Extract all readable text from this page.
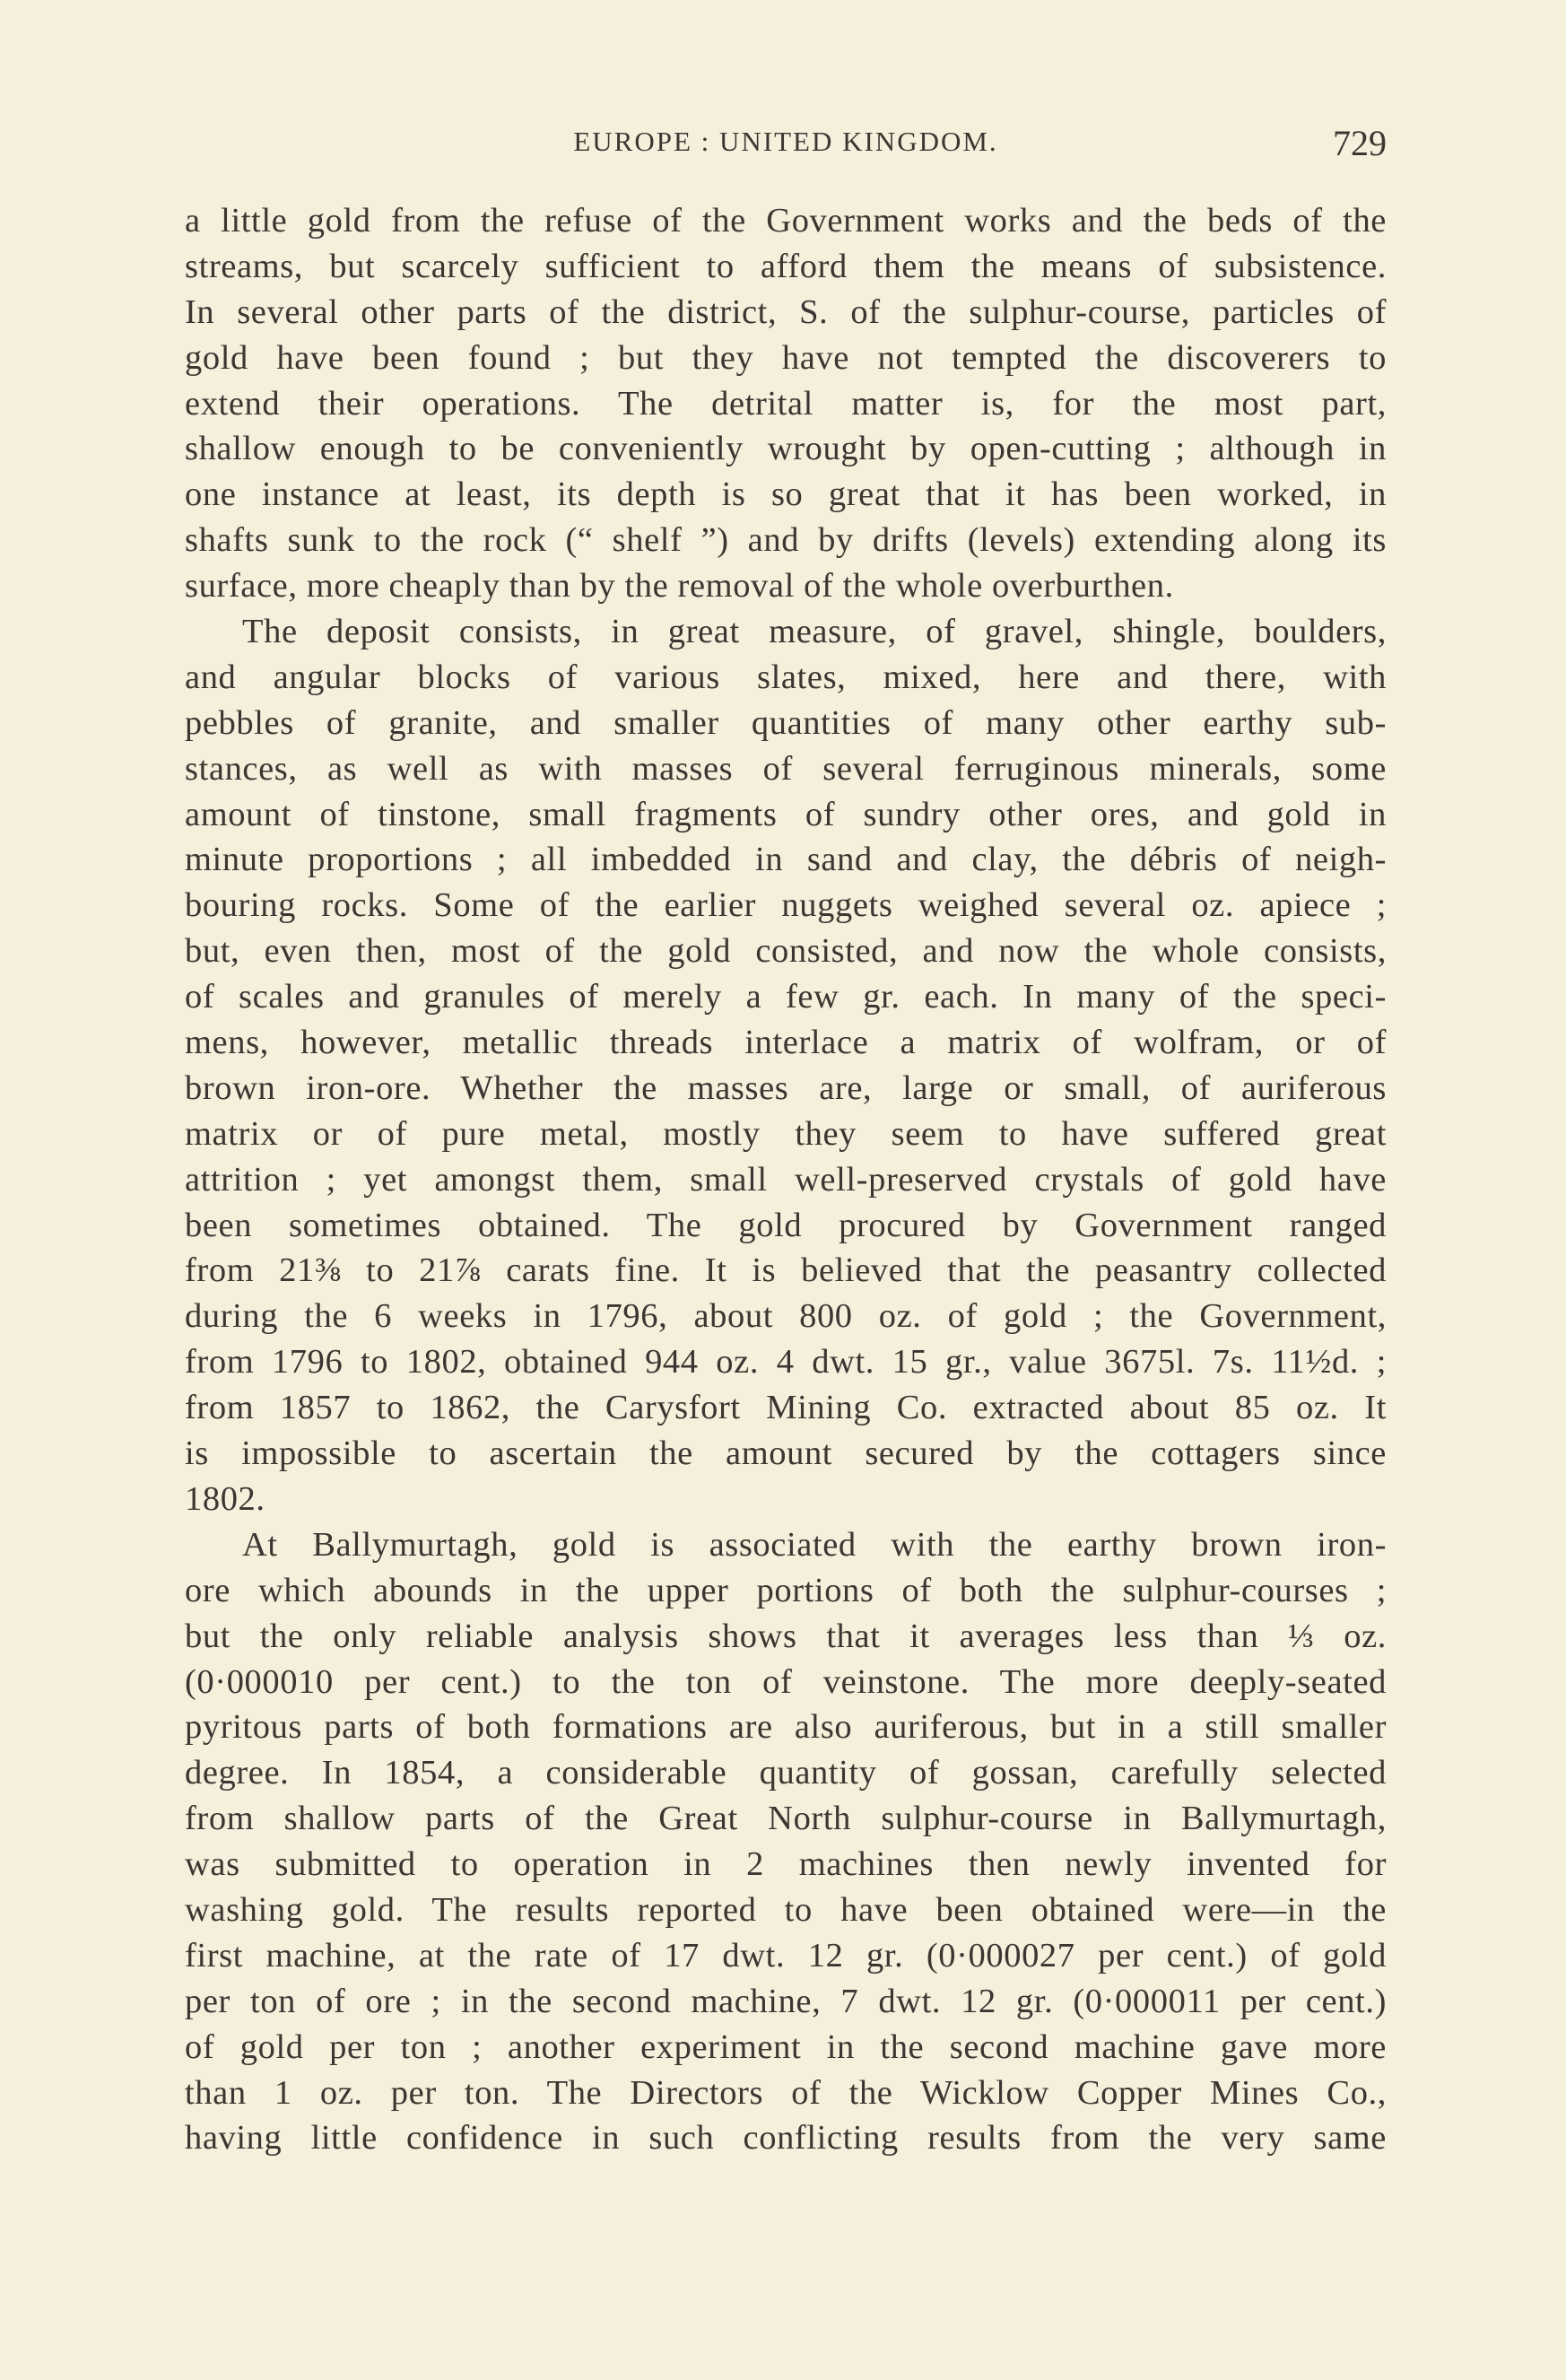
EUROPE : UNITED KINGDOM.	729
a little gold from the refuse of the Government works and the beds of the
streams, but scarcely sufficient to afford them the means of subsistence.
In several other parts of the district, S. of the sulphur-course, particles of
gold have been found ; but they have not tempted the discoverers to
extend their operations. The detrital matter is, for the most part,
shallow enough to be conveniently wrought by open-cutting ; although in
one instance at least, its depth is so great that it has been worked, in
shafts sunk to the rock (“ shelf ”) and by drifts (levels) extending along its
surface, more cheaply than by the removal of the whole overburthen.
The deposit consists, in great measure, of gravel, shingle, boulders,
and angular blocks of various slates, mixed, here and there, with
pebbles of granite, and smaller quantities of many other earthy sub-
stances, as well as with masses of several ferruginous minerals, some
amount of tinstone, small fragments of sundry other ores, and gold in
minute proportions ; all imbedded in sand and clay, the débris of neigh-
bouring rocks. Some of the earlier nuggets weighed several oz. apiece ;
but, even then, most of the gold consisted, and now the whole consists,
of scales and granules of merely a few gr. each. In many of the speci-
mens, however, metallic threads interlace a matrix of wolfram, or of
brown iron-ore. Whether the masses are, large or small, of auriferous
matrix or of pure metal, mostly they seem to have suffered great
attrition ; yet amongst them, small well-preserved crystals of gold have
been sometimes obtained. The gold procured by Government ranged
from 21⅜ to 21⅞ carats fine. It is believed that the peasantry collected
during the 6 weeks in 1796, about 800 oz. of gold ; the Government,
from 1796 to 1802, obtained 944 oz. 4 dwt. 15 gr., value 3675l. 7s. 11½d. ;
from 1857 to 1862, the Carysfort Mining Co. extracted about 85 oz. It
is impossible to ascertain the amount secured by the cottagers since
1802.
At Ballymurtagh, gold is associated with the earthy brown iron-
ore which abounds in the upper portions of both the sulphur-courses ;
but the only reliable analysis shows that it averages less than ⅓ oz.
(0·000010 per cent.) to the ton of veinstone. The more deeply-seated
pyritous parts of both formations are also auriferous, but in a still smaller
degree. In 1854, a considerable quantity of gossan, carefully selected
from shallow parts of the Great North sulphur-course in Ballymurtagh,
was submitted to operation in 2 machines then newly invented for
washing gold. The results reported to have been obtained were—in the
first machine, at the rate of 17 dwt. 12 gr. (0·000027 per cent.) of gold
per ton of ore ; in the second machine, 7 dwt. 12 gr. (0·000011 per cent.)
of gold per ton ; another experiment in the second machine gave more
than 1 oz. per ton. The Directors of the Wicklow Copper Mines Co.,
having little confidence in such conflicting results from the very same
